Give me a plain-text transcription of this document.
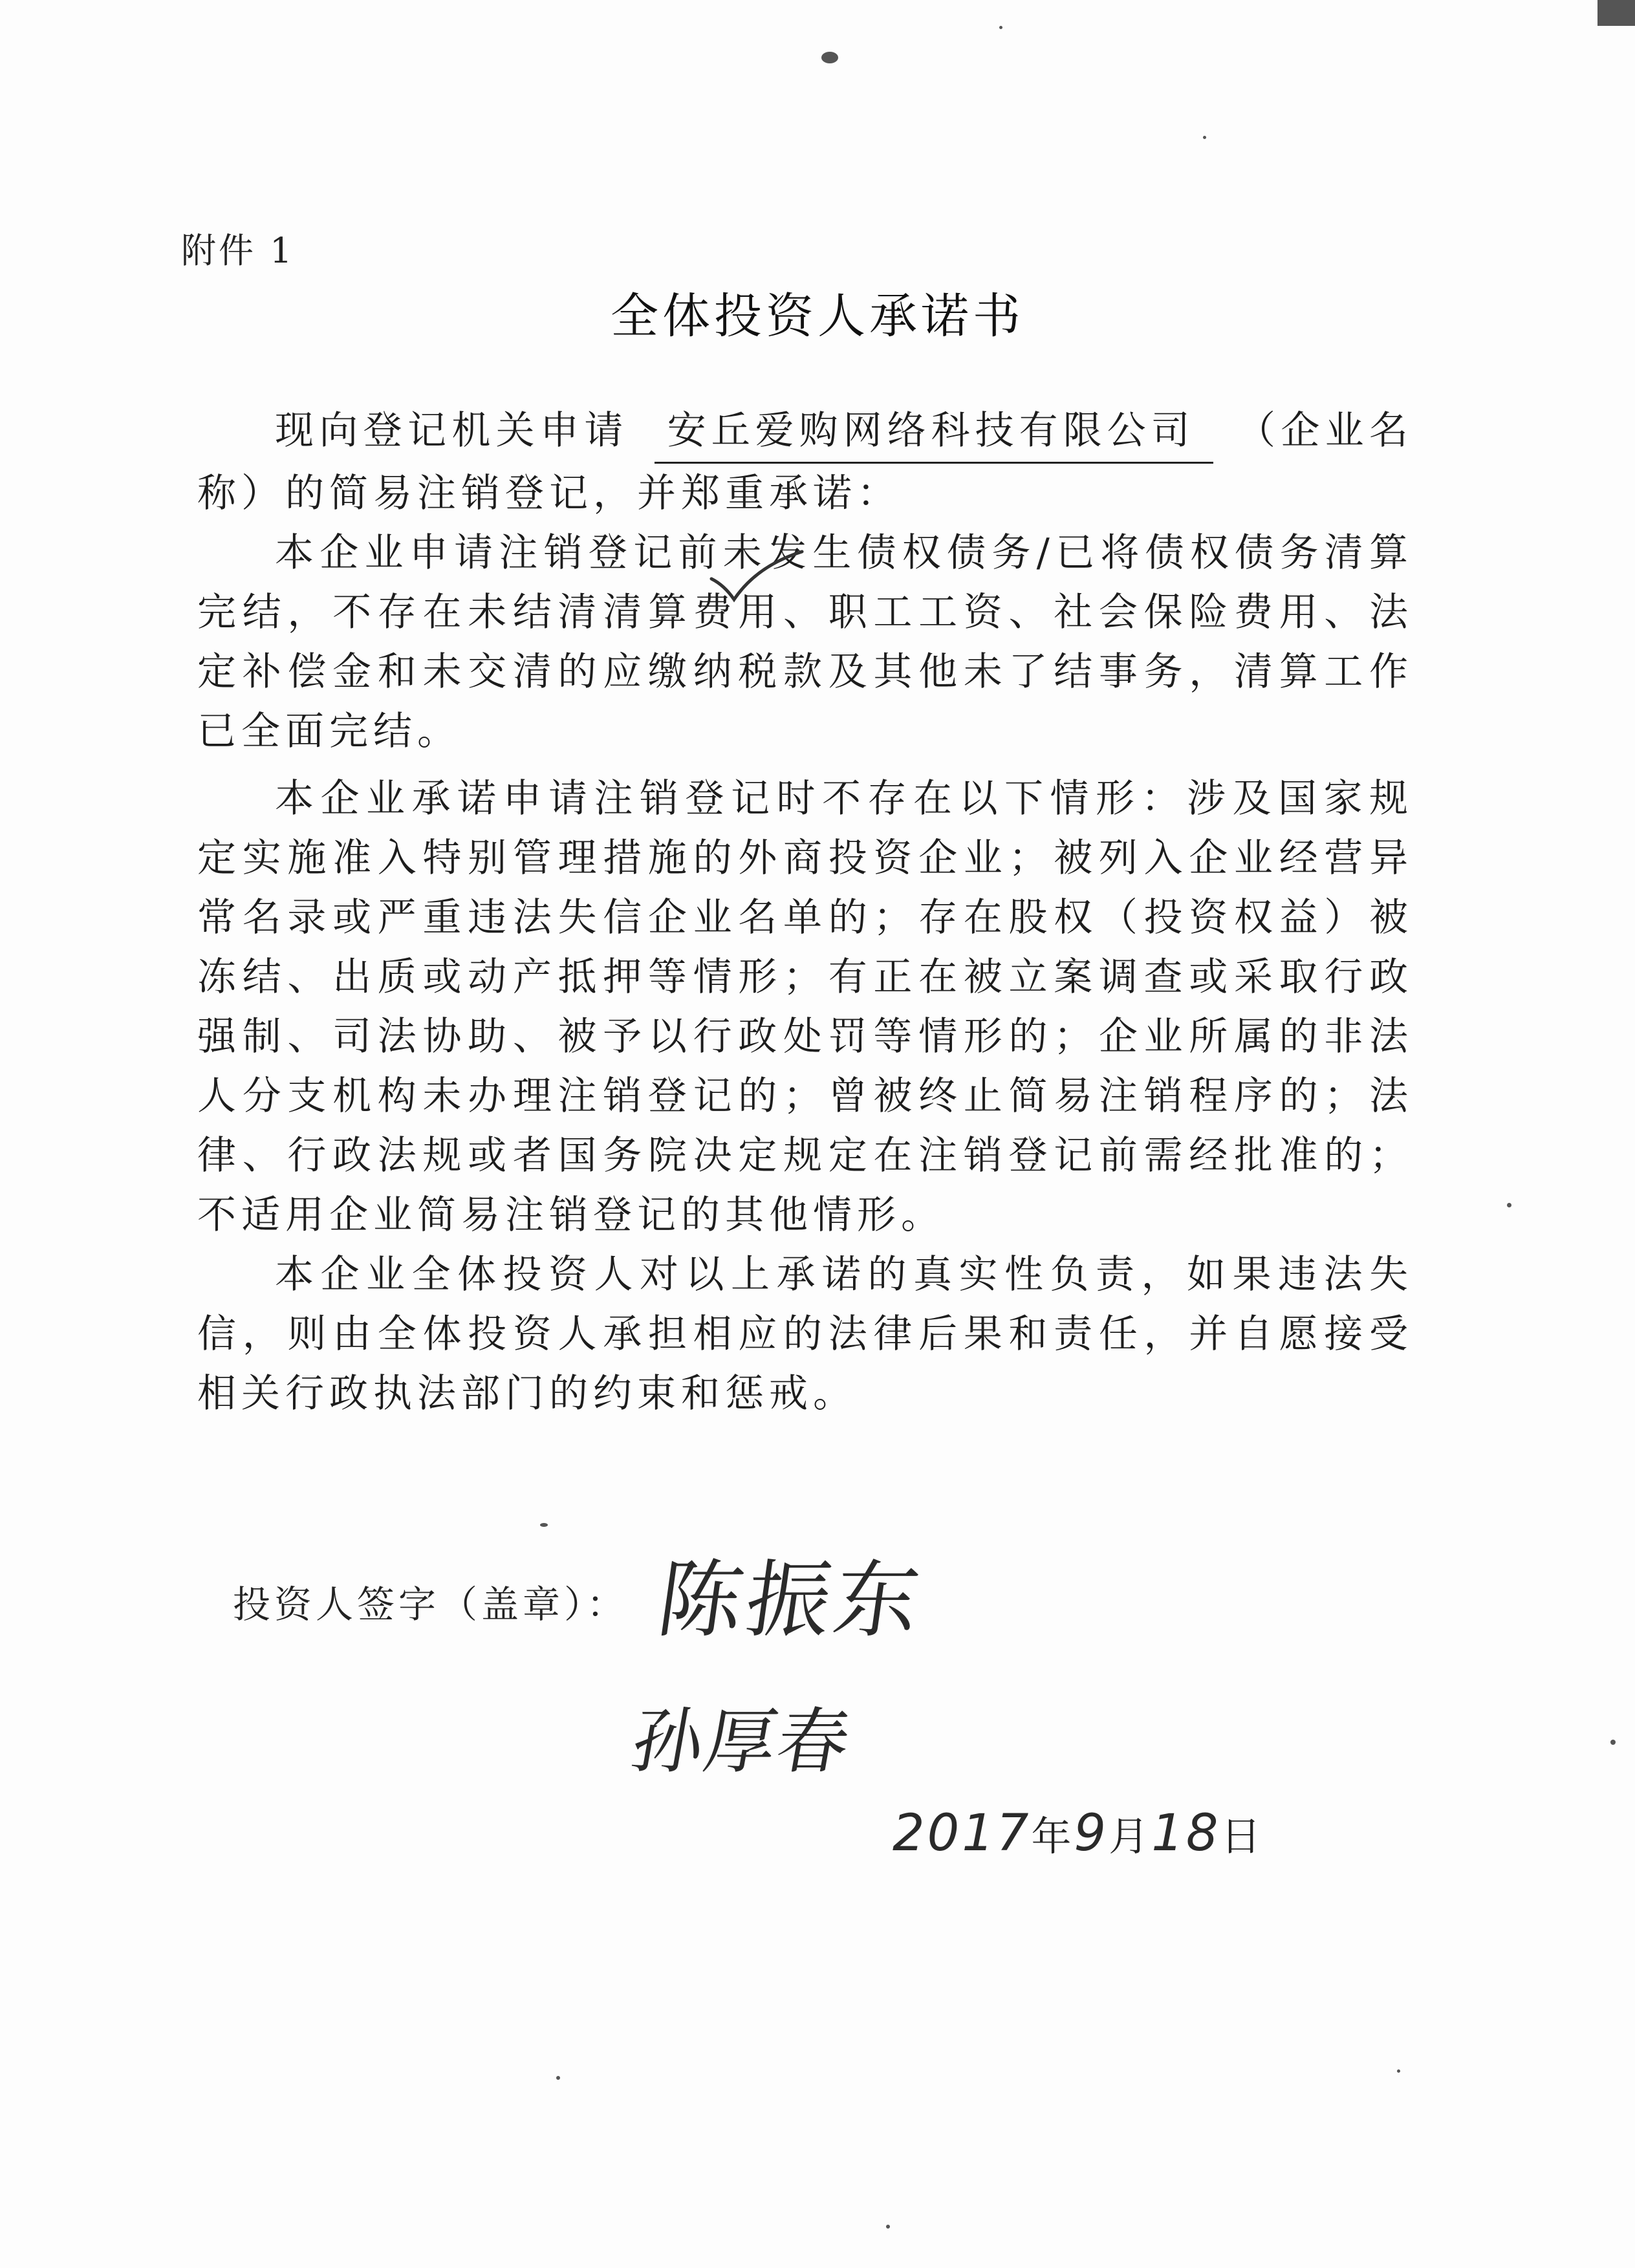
附件 1
全体投资人承诺书

现向登记机关申请 安丘爱购网络科技有限公司 （企业名称）的简易注销登记，并郑重承诺：

本企业申请注销登记前未发生债权债务/已将债权债务清算完结，不存在未结清清算费用、职工工资、社会保险费用、法定补偿金和未交清的应缴纳税款及其他未了结事务，清算工作已全面完结。

本企业承诺申请注销登记时不存在以下情形：涉及国家规定实施准入特别管理措施的外商投资企业；被列入企业经营异常名录或严重违法失信企业名单的；存在股权（投资权益）被冻结、出质或动产抵押等情形；有正在被立案调查或采取行政强制、司法协助、被予以行政处罚等情形的；企业所属的非法人分支机构未办理注销登记的；曾被终止简易注销程序的；法律、行政法规或者国务院决定规定在注销登记前需经批准的；不适用企业简易注销登记的其他情形。

本企业全体投资人对以上承诺的真实性负责，如果违法失信，则由全体投资人承担相应的法律后果和责任，并自愿接受相关行政执法部门的约束和惩戒。

投资人签字（盖章）： 陈振东
孙厚春
2017年9月18日
